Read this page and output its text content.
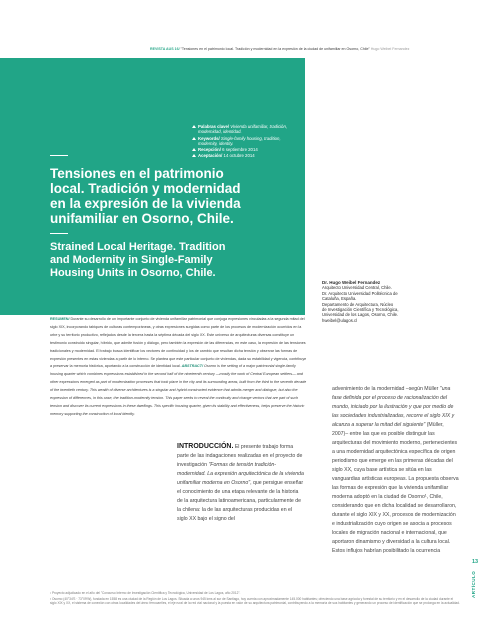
REVISTA AUS 16/ "Tensiones en el patrimonio local. Tradición y modernidad en la expresión de la ciudad de unifamiliar en Osorno, Chile" Hugo Weibel Fernandez
Palabras clave/ Vivienda unifamiliar, tradición, modernidad, identidad.
Keywords/ Single-family housing, tradition, modernity, identity.
Recepción/ 6 septiembre 2014
Aceptación/ 14 octubre 2014
Tensiones en el patrimonio local. Tradición y modernidad en la expresión de la vivienda unifamiliar en Osorno, Chile.
Strained Local Heritage. Tradition and Modernity in Single-Family Housing Units in Osorno, Chile.
Dr. Hugo Weibel Fernandez
Arquitecto Universidad Central, Chile.
Dr. Arquitecto Universidad Politécnica de
Cataluña, España.
Departamento de Arquitectura, Núcleo
de Investigación Científica y Tecnológica,
Universidad de los Lagos, Osorno, Chile.
hweibel@ulagos.cl
RESUMEN/ Durante su desarrollo de un importante conjunto de vivienda unifamiliar patrimonial que conjuga expresiones vinculadas a la segunda mitad del siglo XIX, incorporando tabiques de culturas contemporáneas, y otras expresiones surgidas como parte de los procesos de modernización ocurridos en la urbe y su territorio productivo, reflejados desde la tercera hasta la séptima década del siglo XX. Este universo de arquitecturas diversas constituye un testimonio construido singular, híbrido, que admite fusión y diálogo, pero también la expresión de las diferencias, en este caso, la expresión de las tensiones tradicionales y modernidad. El trabajo busca identificar los vectores de continuidad y los de cambio que resultan dicha tensión y observar las formas de expresión presentes en estas viviendas a partir de lo interno. Se plantea que este particular conjunto de viviendas, dada su estabilidad y vigencia, contribuye a preservar la memoria histórica, aportando a la construcción de identidad local. ABSTRACT/ Osorno is the setting of a major patrimonial single-family housing quarter which combines expressions established in the second half of the nineteenth century —mostly the work of Central European settlers— and other expressions emerged as part of modernization processes that took place in the city and its surrounding areas, built from the third to the seventh decade of the twentieth century. This wealth of diverse architectures is a singular and hybrid constructed evidence that admits merger and dialogue, but also the expression of differences, in this case, the tradition-modernity tension. This paper seeks to reveal the continuity and change vectors that are part of such tension and discover its current expressions in these dwellings. This specific housing quarter, given its stability and effectiveness, helps preserve the historic memory supporting the construction of local identity.
INTRODUCCIÓN. El presente trabajo forma parte de las indagaciones realizadas en el proyecto de investigación "Formas de tensión tradición-modernidad. La expresión arquitectónica de la vivienda unifamiliar moderna en Osorno", que persigue enseñar el conocimiento de una etapa relevante de la historia de la arquitectura latinoamericana, particularmente de la chilena: la de las arquitecturas producidas en el siglo XX bajo el signo del
advenimiento de la modernidad –según Müller "una fase definida por el proceso de racionalización del mundo, iniciado por la ilustración y que por medio de las sociedades industrializadas, recorre el siglo XIX y alcanza a superar la mitad del siguiente" (Müller, 2007)– entre las que es posible distinguir las arquitecturas del movimiento moderno, pertenecientes a una modernidad arquitectónica específica de origen periodismo que emerge en las primeras décadas del siglo XX, cuya base artística se sitúa en las vanguardias artísticas europeas. La propuesta observa las formas de expresión que la vivienda unifamiliar moderna adoptó en la ciudad de Osorno¹, Chile, considerando que en dicha localidad se desarrollaron, durante el siglo XIX y XX, procesos de modernización e industrialización cuyo origen se asocia a procesos locales de migración nacional e internacional, que aportaron dinamismo y diversidad a la cultura local. Estos influjos habrían posibilitado la ocurrencia
13
ARTÍCULO

¹ Proyecto adjudicado en el año del "Concurso Interno de Investigación Científica y Tecnológica, Universidad de Los Lagos, año 2012".

² Osorno (40°34′S · 73°09′W), fundada en 1558 es una ciudad de la Región de Los Lagos. Situada a unos 945 kms al sur de Santiago, hoy cuenta con aproximadamente 145.000 habitantes; ofreciendo una base agrícola y forestal de su territorio y en el desarrollo de la ciudad durante el siglo XIX y XX, el sistema de conexión con otras localidades del área: ferrocarriles, el eje rural de la red vial nacional y la puesta en valor de su arquitectura patrimonial, contribuyendo a la memoria de sus habitantes y generando un proceso de identificación que se prolonga en la actualidad.
